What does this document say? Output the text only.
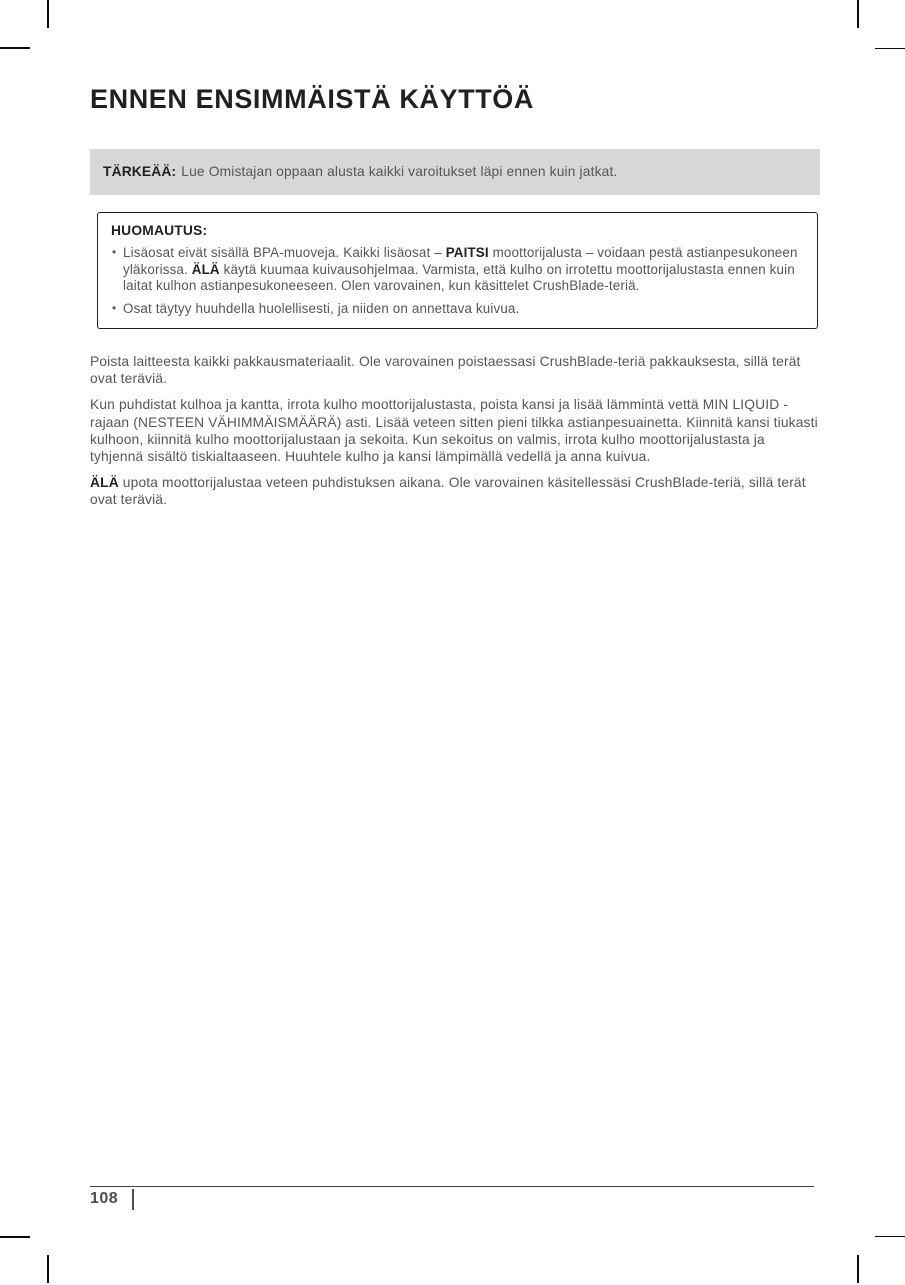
ENNEN ENSIMMÄISTÄ KÄYTTÖÄ

TÄRKEÄÄ: Lue Omistajan oppaan alusta kaikki varoitukset läpi ennen kuin jatkat.

HUOMAUTUS:
• Lisäosat eivät sisällä BPA-muoveja. Kaikki lisäosat – PAITSI moottorijalusta – voidaan pestä astianpesukoneen yläkorissa. ÄLÄ käytä kuumaa kuivausohjelmaa. Varmista, että kulho on irrotettu moottorijalustasta ennen kuin laitat kulhon astianpesukoneeseen. Olen varovainen, kun käsittelet CrushBlade-teriä.
• Osat täytyy huuhdella huolellisesti, ja niiden on annettava kuivua.

Poista laitteesta kaikki pakkausmateriaalit. Ole varovainen poistaessasi CrushBlade-teriä pakkauksesta, sillä terät ovat teräviä.

Kun puhdistat kulhoa ja kantta, irrota kulho moottorijalustasta, poista kansi ja lisää lämmintä vettä MIN LIQUID -rajaan (NESTEEN VÄHIMMÄISMÄÄRÄ) asti. Lisää veteen sitten pieni tilkka astianpesuainetta. Kiinnitä kansi tiukasti kulhoon, kiinnitä kulho moottorijalustaan ja sekoita. Kun sekoitus on valmis, irrota kulho moottorijalustasta ja tyhjennä sisältö tiskialtaaseen. Huuhtele kulho ja kansi lämpimällä vedellä ja anna kuivua.

ÄLÄ upota moottorijalustaa veteen puhdistuksen aikana. Ole varovainen käsitellessäsi CrushBlade-teriä, sillä terät ovat teräviä.

108
